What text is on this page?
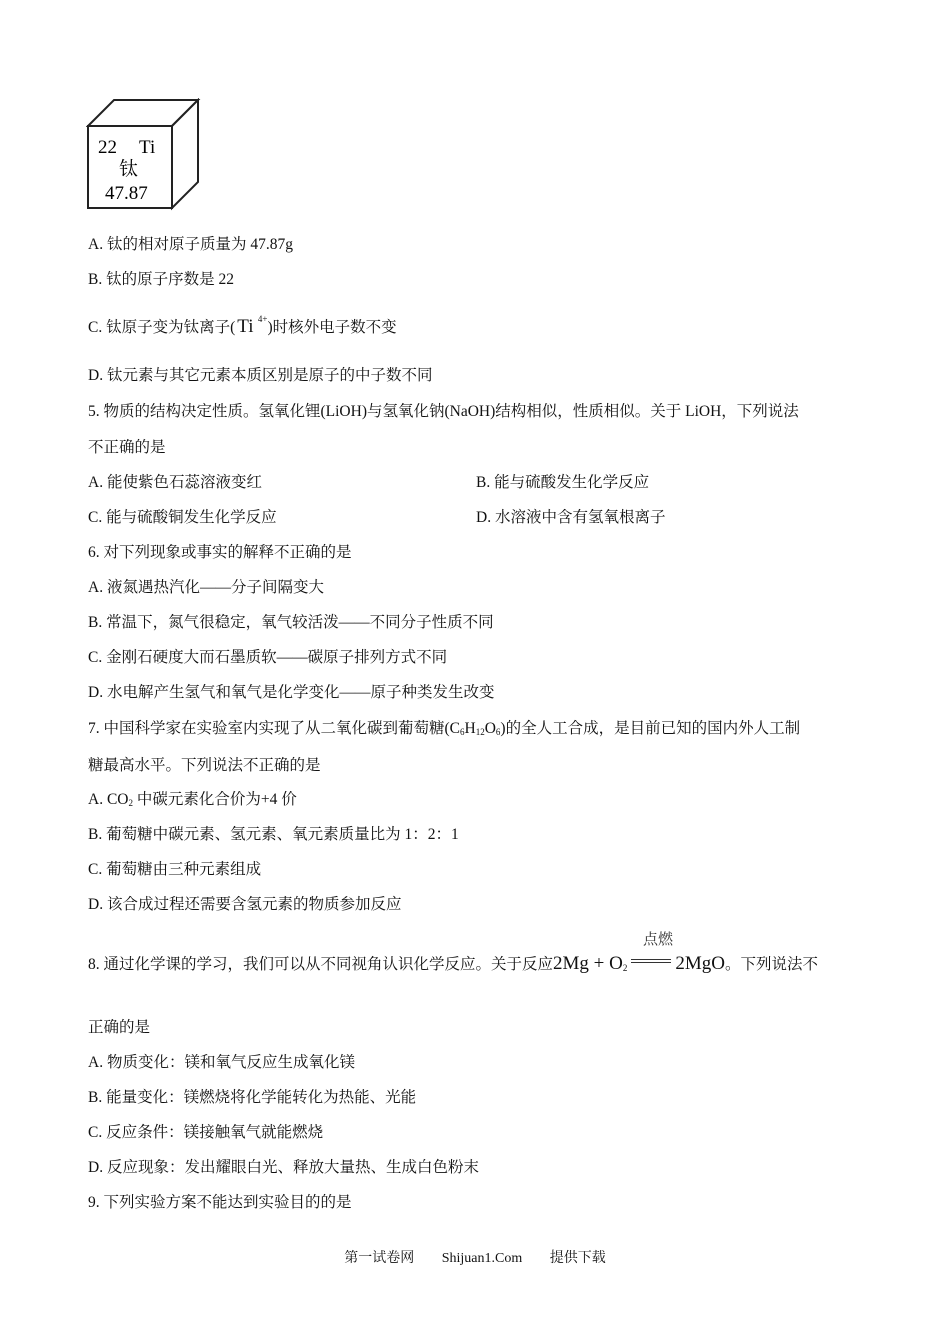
22 Ti
钛
47.87
A. 钛的相对原子质量为 47.87g
B. 钛的原子序数是 22
C. 钛原子变为钛离子( Ti 4+ )时核外电子数不变
D. 钛元素与其它元素本质区别是原子的中子数不同
5. 物质的结构决定性质。氢氧化锂(LiOH)与氢氧化钠(NaOH)结构相似，性质相似。关于 LiOH，下列说法
不正确的是
A. 能使紫色石蕊溶液变红	B. 能与硫酸发生化学反应
C. 能与硫酸铜发生化学反应	D. 水溶液中含有氢氧根离子
6. 对下列现象或事实的解释不正确的是
A. 液氮遇热汽化——分子间隔变大
B. 常温下，氮气很稳定，氧气较活泼——不同分子性质不同
C. 金刚石硬度大而石墨质软——碳原子排列方式不同
D. 水电解产生氢气和氧气是化学变化——原子种类发生改变
7. 中国科学家在实验室内实现了从二氧化碳到葡萄糖$(C_6H_{12}O_6)$的全人工合成，是目前已知的国内外人工制
糖最高水平。下列说法不正确的是
A. $CO_2$ 中碳元素化合价为+4 价
B. 葡萄糖中碳元素、氢元素、氧元素质量比为 1：2：1
C. 葡萄糖由三种元素组成
D. 该合成过程还需要含氢元素的物质参加反应
8. 通过化学课的学习，我们可以从不同视角认识化学反应。关于反应$2Mg + O_2$
点燃
2MgO。下列说法不
正确的是
A. 物质变化：镁和氧气反应生成氧化镁
B. 能量变化：镁燃烧将化学能转化为热能、光能
C. 反应条件：镁接触氧气就能燃烧
D. 反应现象：发出耀眼白光、释放大量热、生成白色粉末
9. 下列实验方案不能达到实验目的的是
第一试卷网 Shijuan1.Com 提供下载
